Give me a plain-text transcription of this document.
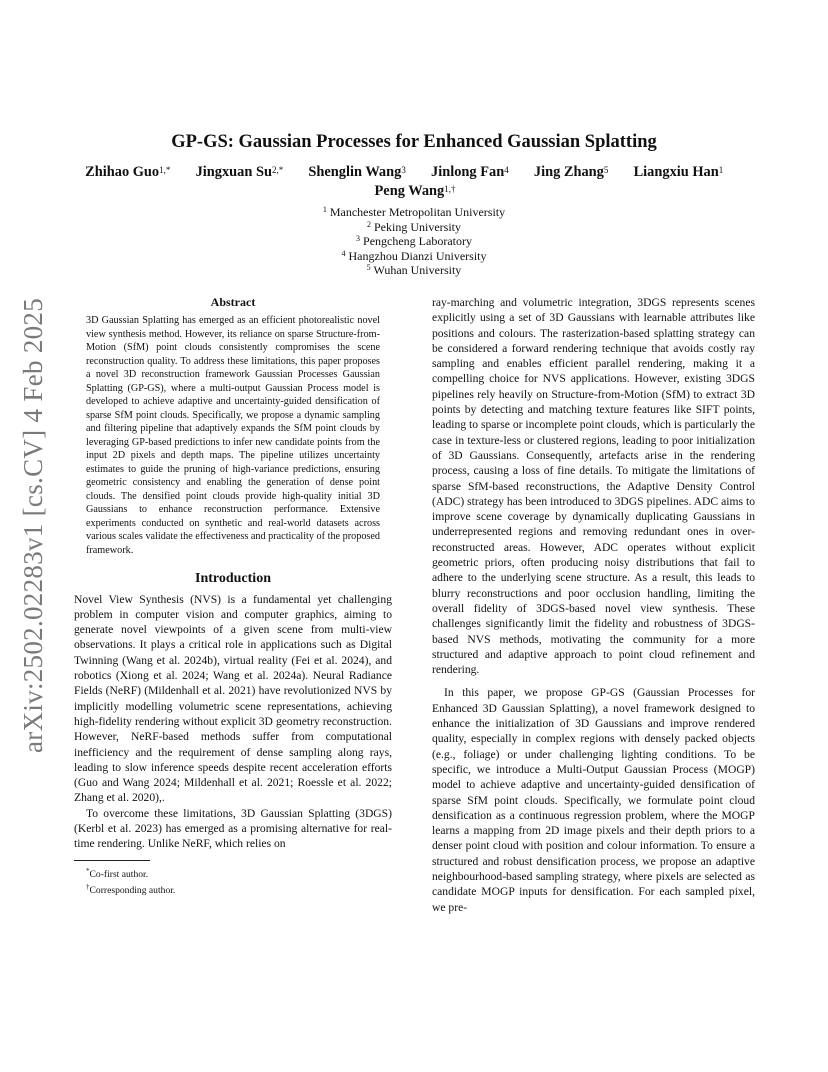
arXiv:2502.02283v1 [cs.CV] 4 Feb 2025
GP-GS: Gaussian Processes for Enhanced Gaussian Splatting

Zhihao Guo$^{1,*}$   Jingxuan $Su^{2,*}$   Shenglin Wang$^3$   Jinlong Fan$^4$   Jing Zhang$^5$   Liangxiu Han$^1$   Peng Wang$^{1,\dagger}$

$^1$ Manchester Metropolitan University
$^2$ Peking University
$^3$ Pengcheng Laboratory
$^4$ Hangzhou Dianzi University
$^5$ Wuhan University
Abstract

3D Gaussian Splatting has emerged as an efficient photorealistic novel view synthesis method. However, its reliance on sparse Structure-from-Motion (SfM) point clouds consistently compromises the scene reconstruction quality. To address these limitations, this paper proposes a novel 3D reconstruction framework Gaussian Processes Gaussian Splatting (GP-GS), where a multi-output Gaussian Process model is developed to achieve adaptive and uncertainty-guided densification of sparse SfM point clouds. Specifically, we propose a dynamic sampling and filtering pipeline that adaptively expands the SfM point clouds by leveraging GP-based predictions to infer new candidate points from the input 2D pixels and depth maps. The pipeline utilizes uncertainty estimates to guide the pruning of high-variance predictions, ensuring geometric consistency and enabling the generation of dense point clouds. The densified point clouds provide high-quality initial 3D Gaussians to enhance reconstruction performance. Extensive experiments conducted on synthetic and real-world datasets across various scales validate the effectiveness and practicality of the proposed framework.

Introduction

Novel View Synthesis (NVS) is a fundamental yet challenging problem in computer vision and computer graphics, aiming to generate novel viewpoints of a given scene from multi-view observations. It plays a critical role in applications such as Digital Twinning (Wang et al. 2024b), virtual reality (Fei et al. 2024), and robotics (Xiong et al. 2024; Wang et al. 2024a). Neural Radiance Fields (NeRF) (Mildenhall et al. 2021) have revolutionized NVS by implicitly modelling volumetric scene representations, achieving high-fidelity rendering without explicit 3D geometry reconstruction. However, NeRF-based methods suffer from computational inefficiency and the requirement of dense sampling along rays, leading to slow inference speeds despite recent acceleration efforts (Guo and Wang 2024; Mildenhall et al. 2021; Roessle et al. 2022; Zhang et al. 2020),.

To overcome these limitations, 3D Gaussian Splatting (3DGS) (Kerbl et al. 2023) has emerged as a promising alternative for real-time rendering. Unlike NeRF, which relies on

*Co-first author.
†Corresponding author.

ray-marching and volumetric integration, 3DGS represents scenes explicitly using a set of 3D Gaussians with learnable attributes like positions and colours. The rasterization-based splatting strategy can be considered a forward rendering technique that avoids costly ray sampling and enables efficient parallel rendering, making it a compelling choice for NVS applications. However, existing 3DGS pipelines rely heavily on Structure-from-Motion (SfM) to extract 3D points by detecting and matching texture features like SIFT points, leading to sparse or incomplete point clouds, which is particularly the case in texture-less or clustered regions, leading to poor initialization of 3D Gaussians. Consequently, artefacts arise in the rendering process, causing a loss of fine details. To mitigate the limitations of sparse SfM-based reconstructions, the Adaptive Density Control (ADC) strategy has been introduced to 3DGS pipelines. ADC aims to improve scene coverage by dynamically duplicating Gaussians in underrepresented regions and removing redundant ones in over-reconstructed areas. However, ADC operates without explicit geometric priors, often producing noisy distributions that fail to adhere to the underlying scene structure. As a result, this leads to blurry reconstructions and poor occlusion handling, limiting the overall fidelity of 3DGS-based novel view synthesis. These challenges significantly limit the fidelity and robustness of 3DGS-based NVS methods, motivating the community for a more structured and adaptive approach to point cloud refinement and rendering.

In this paper, we propose GP-GS (Gaussian Processes for Enhanced 3D Gaussian Splatting), a novel framework designed to enhance the initialization of 3D Gaussians and improve rendered quality, especially in complex regions with densely packed objects (e.g., foliage) or under challenging lighting conditions. To be specific, we introduce a Multi-Output Gaussian Process (MOGP) model to achieve adaptive and uncertainty-guided densification of sparse SfM point clouds. Specifically, we formulate point cloud densification as a continuous regression problem, where the MOGP learns a mapping from 2D image pixels and their depth priors to a denser point cloud with position and colour information. To ensure a structured and robust densification process, we propose an adaptive neighbourhood-based sampling strategy, where pixels are selected as candidate MOGP inputs for densification. For each sampled pixel, we pre-
